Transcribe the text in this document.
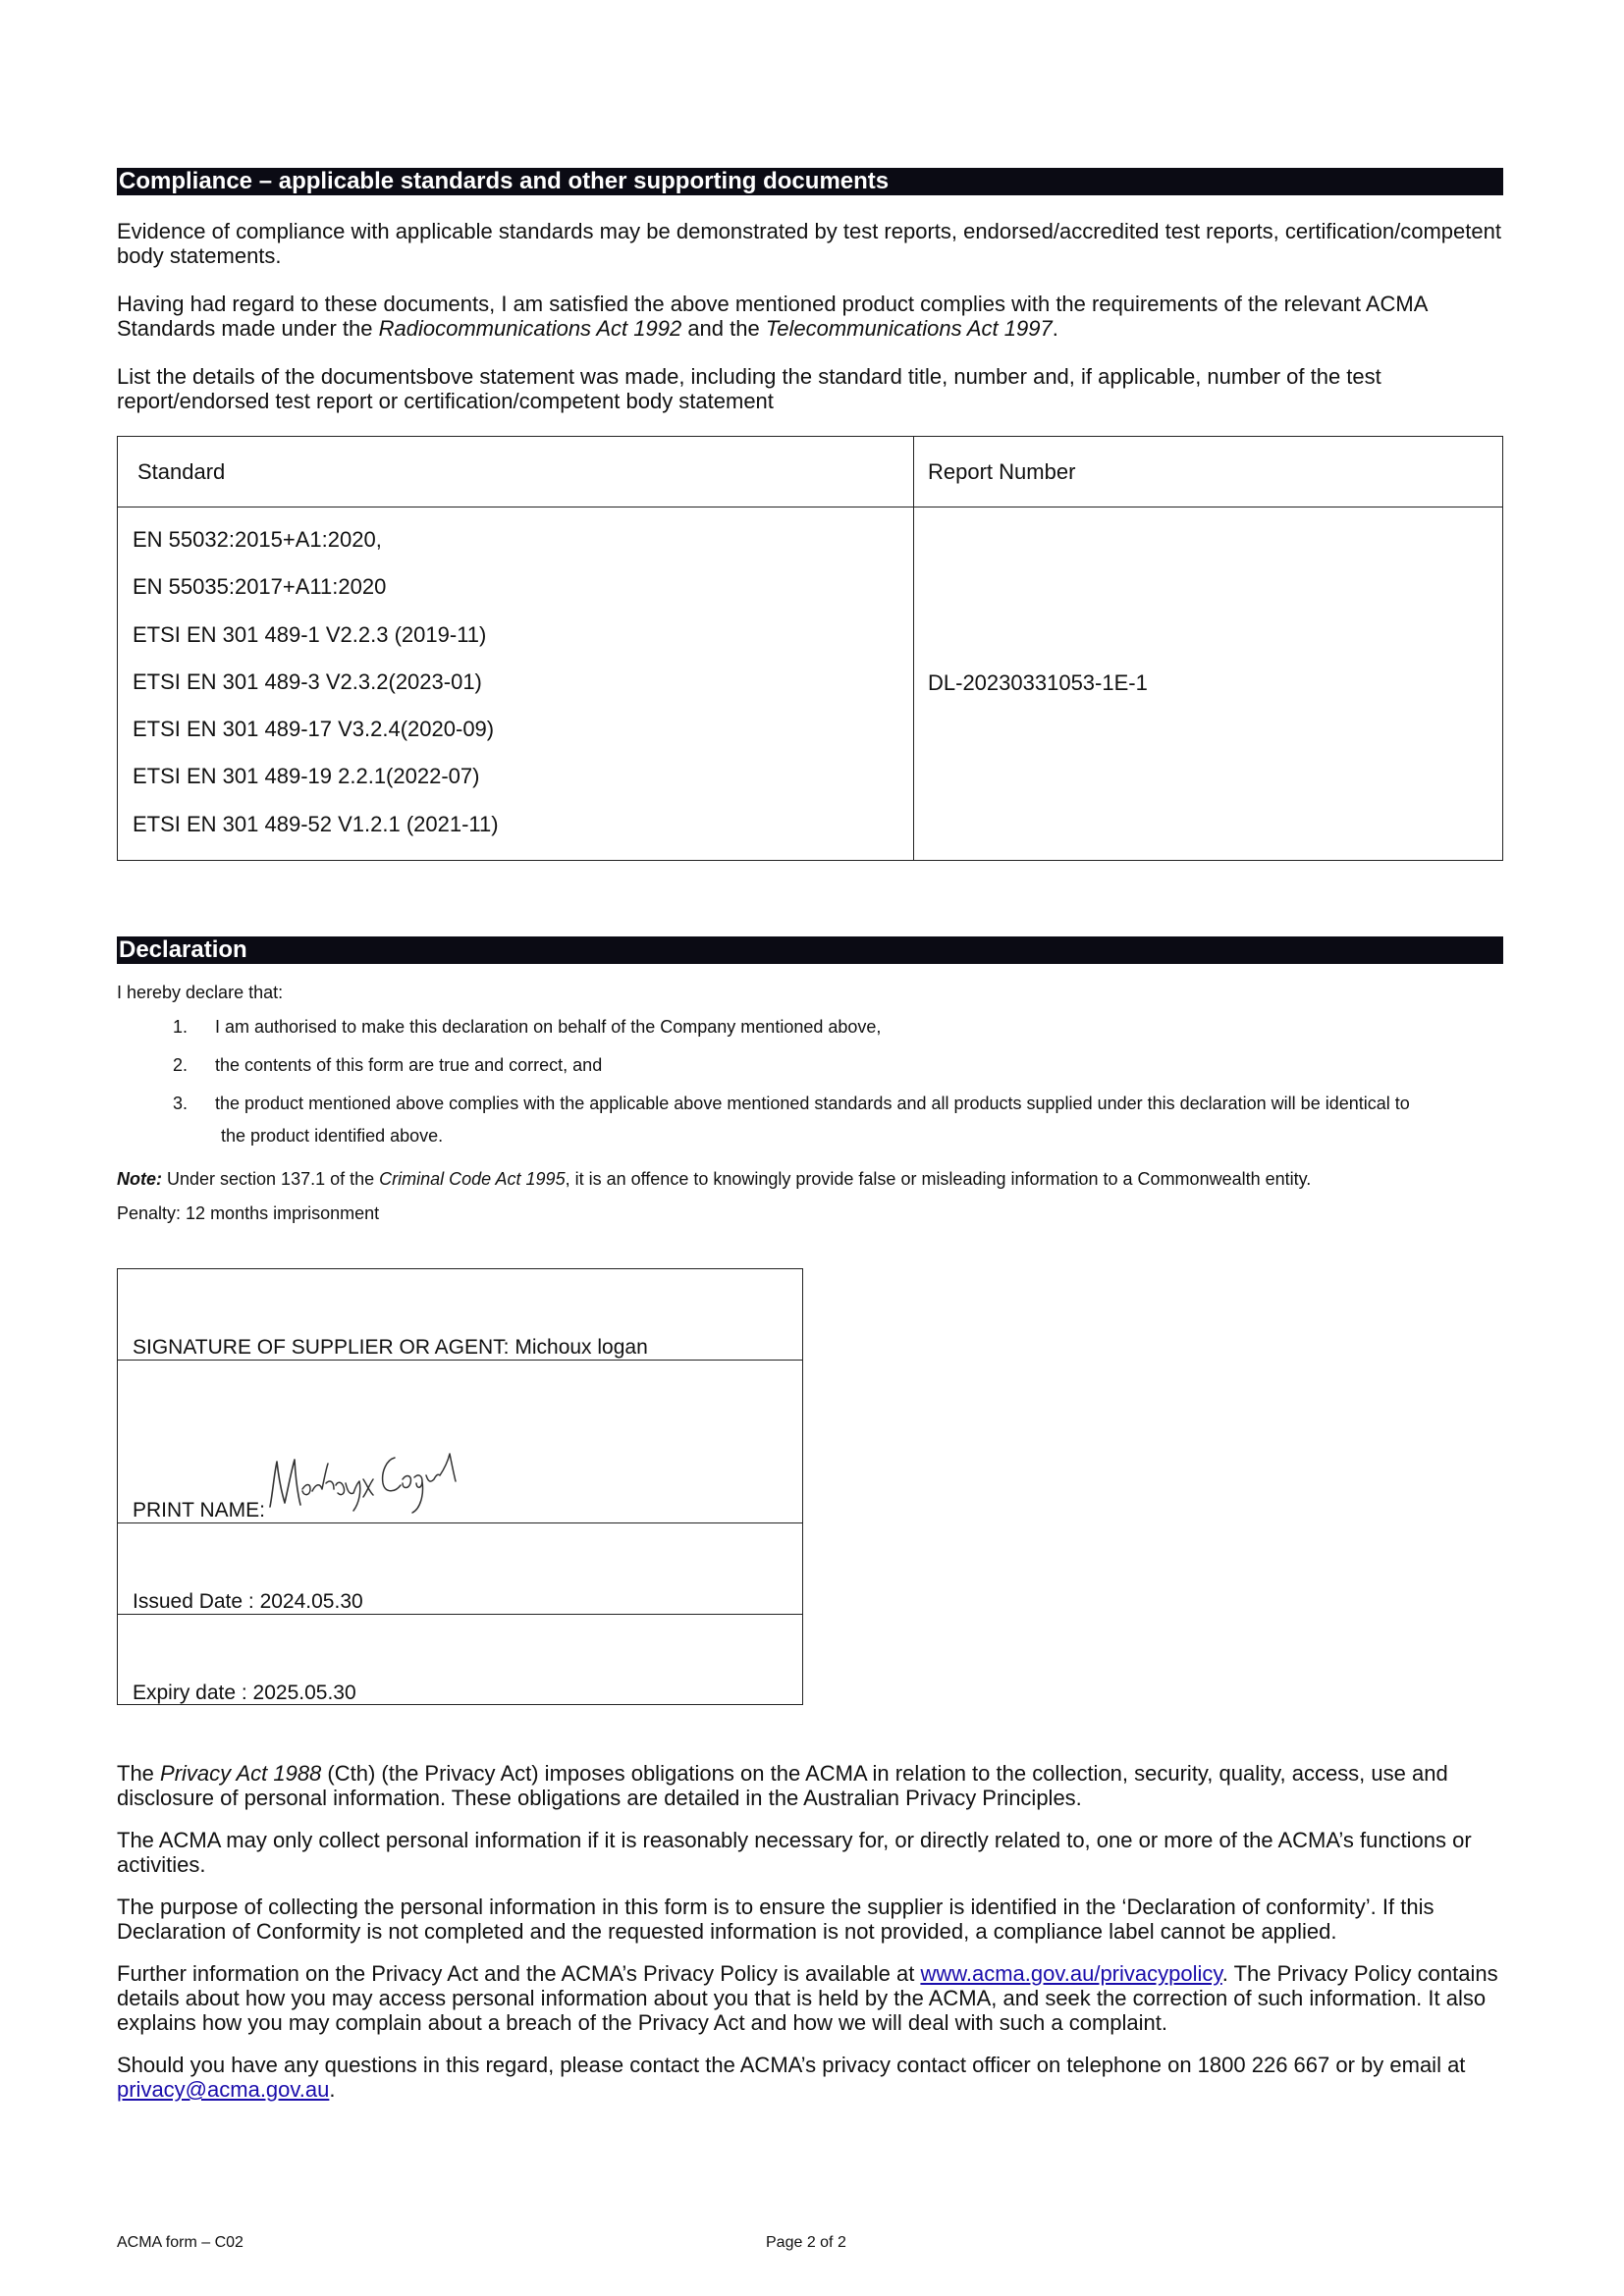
Compliance – applicable standards and other supporting documents

Evidence of compliance with applicable standards may be demonstrated by test reports, endorsed/accredited test reports, certification/competent body statements.

Having had regard to these documents, I am satisfied the above mentioned product complies with the requirements of the relevant ACMA Standards made under the Radiocommunications Act 1992 and the Telecommunications Act 1997.

List the details of the documentsbove statement was made, including the standard title, number and, if applicable, number of the test report/endorsed test report or certification/competent body statement

Standard	Report Number
EN 55032:2015+A1:2020,
EN 55035:2017+A11:2020
ETSI EN 301 489-1 V2.2.3 (2019-11)
ETSI EN 301 489-3 V2.3.2(2023-01)
ETSI EN 301 489-17 V3.2.4(2020-09)
ETSI EN 301 489-19 2.2.1(2022-07)
ETSI EN 301 489-52 V1.2.1 (2021-11)
DL-20230331053-1E-1
Declaration

I hereby declare that:

1. I am authorised to make this declaration on behalf of the Company mentioned above,
2. the contents of this form are true and correct, and
3. the product mentioned above complies with the applicable above mentioned standards and all products supplied under this declaration will be identical to
the product identified above.

Note: Under section 137.1 of the Criminal Code Act 1995, it is an offence to knowingly provide false or misleading information to a Commonwealth entity.

Penalty: 12 months imprisonment

SIGNATURE OF SUPPLIER OR AGENT: Michoux logan
PRINT NAME:
Issued Date : 2024.05.30
Expiry date : 2025.05.30

The Privacy Act 1988 (Cth) (the Privacy Act) imposes obligations on the ACMA in relation to the collection, security, quality, access, use and disclosure of personal information. These obligations are detailed in the Australian Privacy Principles.

The ACMA may only collect personal information if it is reasonably necessary for, or directly related to, one or more of the ACMA’s functions or activities.

The purpose of collecting the personal information in this form is to ensure the supplier is identified in the ‘Declaration of conformity’. If this Declaration of Conformity is not completed and the requested information is not provided, a compliance label cannot be applied.

Further information on the Privacy Act and the ACMA’s Privacy Policy is available at www.acma.gov.au/privacypolicy. The Privacy Policy contains details about how you may access personal information about you that is held by the ACMA, and seek the correction of such information. It also explains how you may complain about a breach of the Privacy Act and how we will deal with such a complaint.

Should you have any questions in this regard, please contact the ACMA’s privacy contact officer on telephone on 1800 226 667 or by email at privacy@acma.gov.au.

ACMA form – C02	Page 2 of 2
